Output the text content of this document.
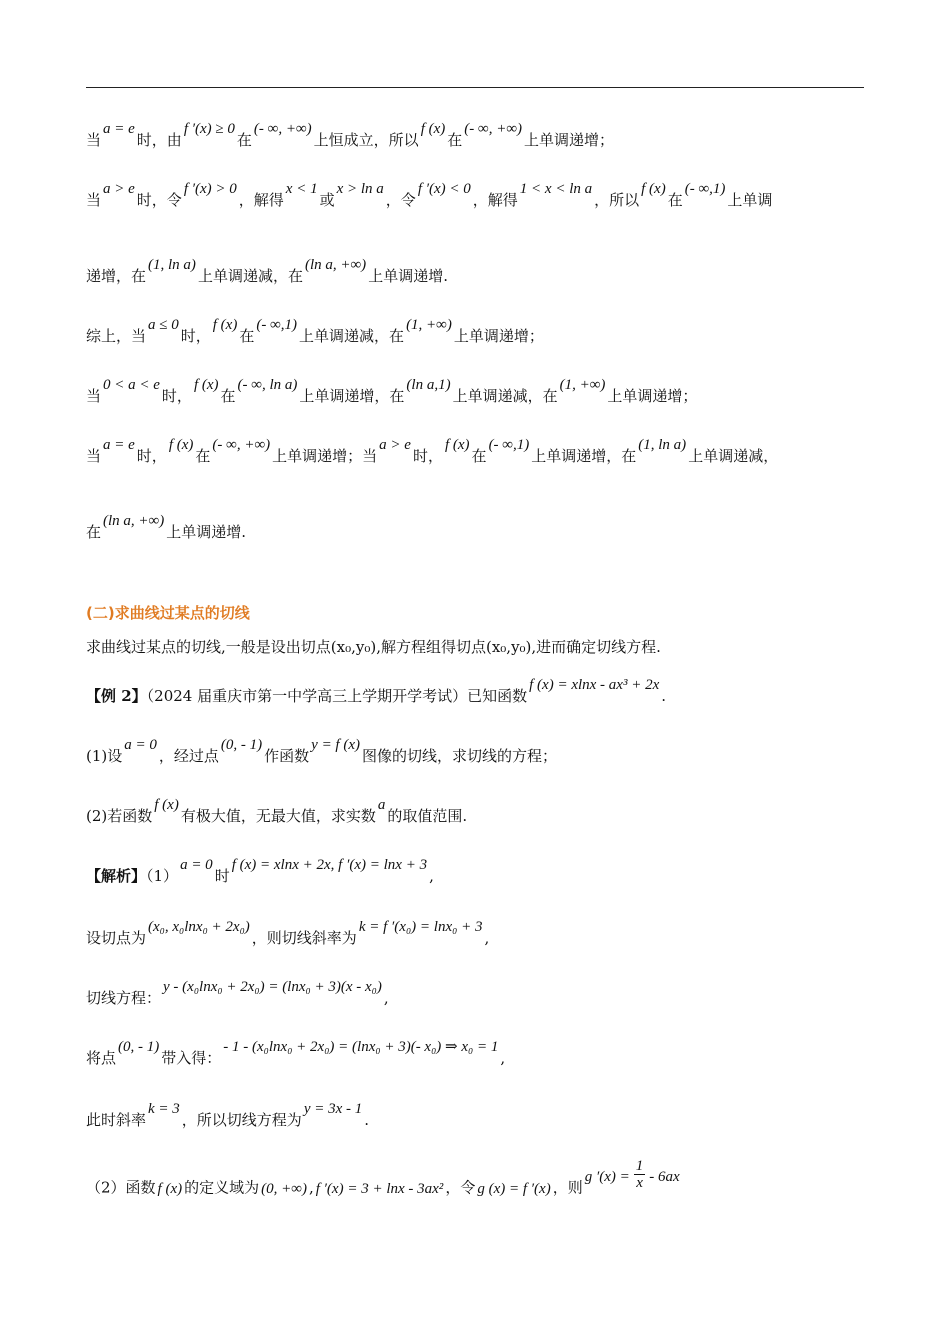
当a = e时，由f ′(x) ≥ 0在(- ∞, +∞)上恒成立，所以f (x)在(- ∞, +∞)上单调递增；
当a > e时，令f ′(x) > 0，解得x < 1或x > ln a，令f ′(x) < 0，解得1 < x < ln a，所以f (x)在(- ∞,1)上单调
递增，在(1, ln a)上单调递减，在(ln a, +∞)上单调递增.
综上，当a ≤ 0时，f (x)在(- ∞,1)上单调递减，在(1, +∞)上单调递增；
当0 < a < e时，f (x)在(- ∞, ln a)上单调递增，在(ln a,1)上单调递减，在(1, +∞)上单调递增；
当a = e时，f (x)在(- ∞, +∞)上单调递增；当a > e时，f (x)在(- ∞,1)上单调递增，在(1, ln a)上单调递减，
在(ln a, +∞)上单调递增.
(二)求曲线过某点的切线
求曲线过某点的切线,一般是设出切点(x₀,y₀),解方程组得切点(x₀,y₀),进而确定切线方程.
【例 2】（2024 届重庆市第一中学高三上学期开学考试）已知函数f (x) = xlnx - ax³ + 2x.
(1)设a = 0，经过点(0, - 1)作函数y = f (x)图像的切线，求切线的方程；
(2)若函数f (x)有极大值，无最大值，求实数a的取值范围.
【解析】（1）a = 0时f (x) = xlnx + 2x, f ′(x) = lnx + 3,
设切点为(x₀, x₀lnx₀ + 2x₀)，则切线斜率为k = f ′(x₀) = lnx₀ + 3,
切线方程：y - (x₀lnx₀ + 2x₀) = (lnx₀ + 3)(x - x₀),
将点(0, - 1)带入得：- 1 - (x₀lnx₀ + 2x₀) = (lnx₀ + 3)(- x₀) ⇒ x₀ = 1,
此时斜率k = 3，所以切线方程为y = 3x - 1.
（2）函数 f (x) 的定义域为 (0, +∞) , f ′(x) = 3 + lnx - 3ax² ，令 g (x) = f ′(x) ，则g $'(x) = \frac{1}{x} - 6ax$
